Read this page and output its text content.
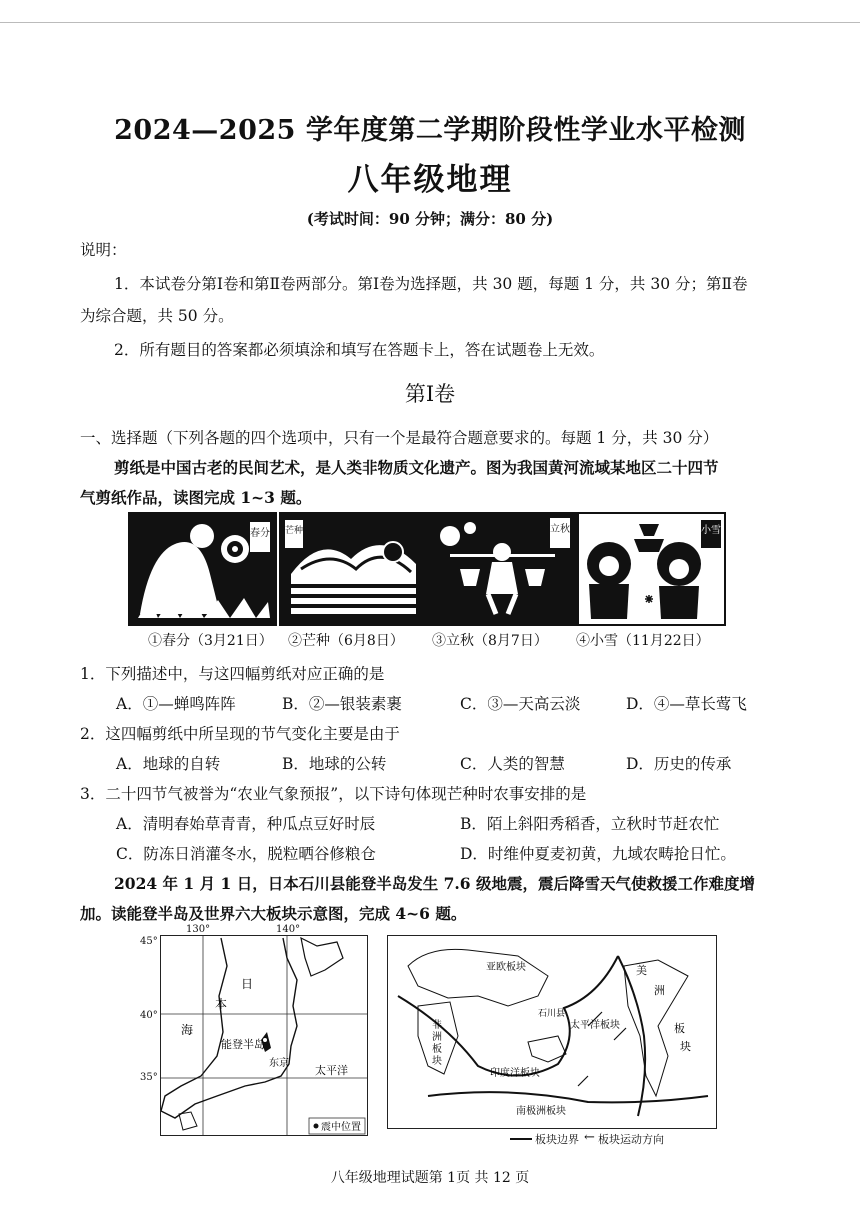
2024—2025 学年度第二学期阶段性学业水平检测
八年级地理
(考试时间：90 分钟；满分：80 分)
说明：
1．本试卷分第Ⅰ卷和第Ⅱ卷两部分。第Ⅰ卷为选择题，共 30 题，每题 1 分，共 30 分；第Ⅱ卷
为综合题，共 50 分。
2．所有题目的答案都必须填涂和填写在答题卡上，答在试题卷上无效。
第Ⅰ卷
一、选择题（下列各题的四个选项中，只有一个是最符合题意要求的。每题 1 分，共 30 分）
剪纸是中国古老的民间艺术，是人类非物质文化遗产。图为我国黄河流域某地区二十四节
气剪纸作品，读图完成 1~3 题。
春分 芒种	立秋	小雪
①春分（3月21日） ②芒种（6月8日） ③立秋（8月7日） ④小雪（11月22日）
1．下列描述中，与这四幅剪纸对应正确的是
A．①—蝉鸣阵阵	B．②—银装素裹	C．③—天高云淡	D．④—草长莺飞
2．这四幅剪纸中所呈现的节气变化主要是由于
A．地球的自转	B．地球的公转	C．人类的智慧	D．历史的传承
3．二十四节气被誉为“农业气象预报”，以下诗句体现芒种时农事安排的是
A．清明春始草青青，种瓜点豆好时辰	B．陌上斜阳秀稻香，立秋时节赶农忙
C．防冻日消灌冬水，脱粒晒谷修粮仓	D．时维仲夏麦初黄，九域农畴抢日忙。
2024 年 1 月 1 日，日本石川县能登半岛发生 7.6 级地震，震后降雪天气使救援工作难度增
加。读能登半岛及世界六大板块示意图，完成 4~6 题。
震中位置
日
本
海
能登半岛
东京
太平洋
130°	140°
45°
40°
35°
亚欧板块
石川县
非
洲
板
块
太平洋板块
印度洋板块
南极洲板块
美
洲
板
块
板块边界 ← 板块运动方向
八年级地理试题第 1页 共 12 页
